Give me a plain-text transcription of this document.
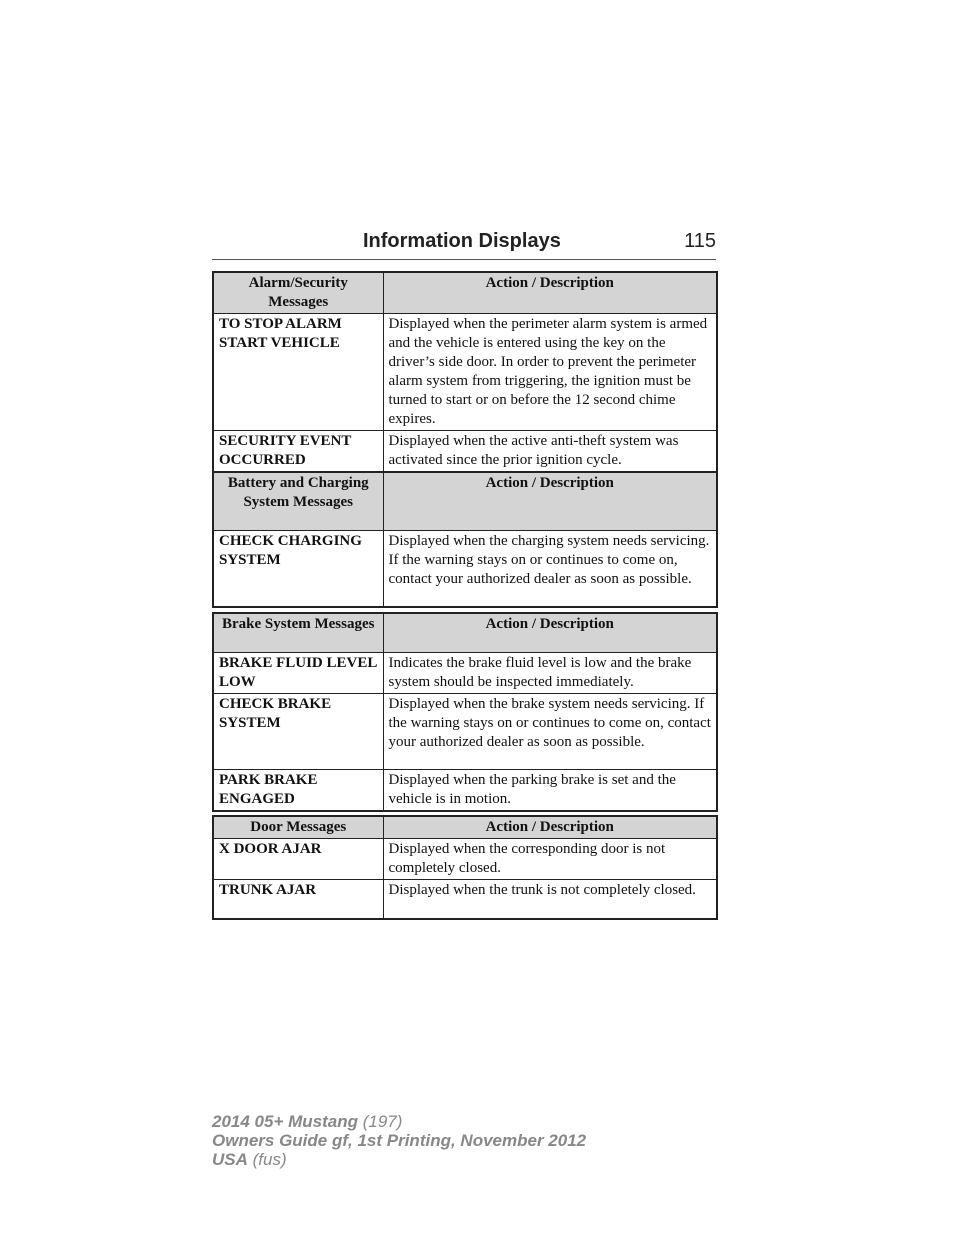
Information Displays	115
Alarm/Security Messages	Action / Description
TO STOP ALARM START VEHICLE	Displayed when the perimeter alarm system is armed and the vehicle is entered using the key on the driver’s side door. In order to prevent the perimeter alarm system from triggering, the ignition must be turned to start or on before the 12 second chime expires.
SECURITY EVENT OCCURRED	Displayed when the active anti-theft system was activated since the prior ignition cycle.
Battery and Charging System Messages	Action / Description
CHECK CHARGING SYSTEM	Displayed when the charging system needs servicing. If the warning stays on or continues to come on, contact your authorized dealer as soon as possible.
Brake System Messages	Action / Description
BRAKE FLUID LEVEL LOW	Indicates the brake fluid level is low and the brake system should be inspected immediately.
CHECK BRAKE SYSTEM	Displayed when the brake system needs servicing. If the warning stays on or continues to come on, contact your authorized dealer as soon as possible.
PARK BRAKE ENGAGED	Displayed when the parking brake is set and the vehicle is in motion.
Door Messages	Action / Description
X DOOR AJAR	Displayed when the corresponding door is not completely closed.
TRUNK AJAR	Displayed when the trunk is not completely closed.
2014 05+ Mustang (197)
Owners Guide gf, 1st Printing, November 2012
USA (fus)
